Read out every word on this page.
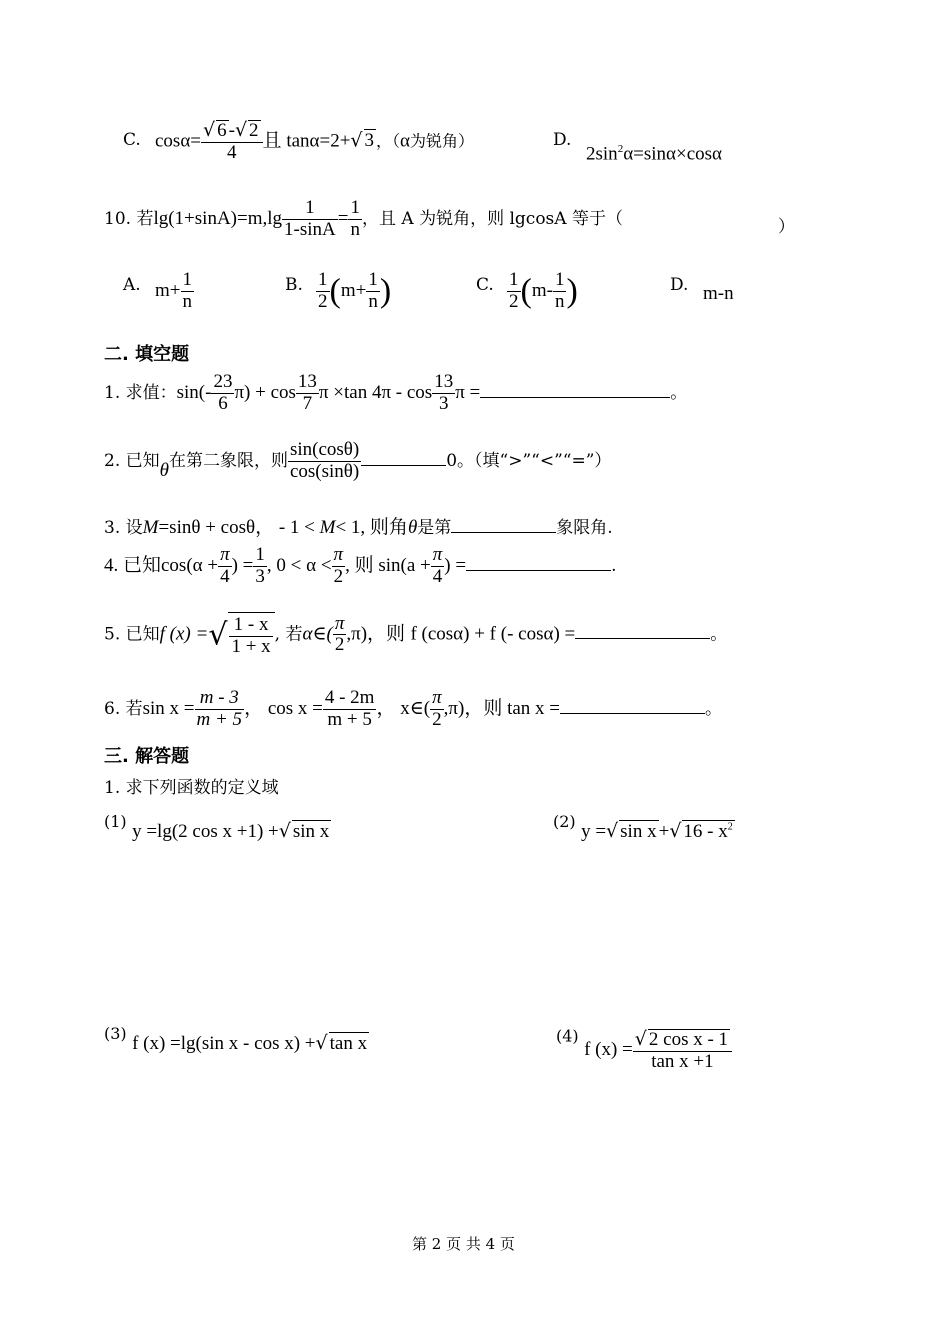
C. $\cos\alpha= \frac{√ 6 -√ 2}{4}$ 且 tanα=2+√ 3 ，（α为锐角）	D.
$2\sin^2\alpha=\sin\alpha\times\cos\alpha$
10. 若$\lg(1+\sin A)=m,\lg \frac{1}{1-\sin A} = \frac{1}{n}$ ，且 A 为锐角，则 lgcosA 等于（	）
A. $m+ \frac{1}{n}$	B. $\frac{1}{2} (m+ \frac{1}{n}$ )	C. $\frac{1}{2} (m- \frac{1}{n}$ )	D. m-n
二. 填空题
1. 求值：$\sin(- \frac{23}{6} \pi) + \cos \frac{13}{7}$ π ×tan $4\pi - \cos \frac{13}{3}$ π =	。
2. 已知θ在第二象限，则 $\frac{\sin(\cos\theta)}{\cos(\sin\theta)}$	0。（填“>”“<”“=”）
3. 设M=sinθ + cosθ， - 1 < M< 1, 则角θ是第	象限角.
4. 已知$\cos(\alpha + \frac{\pi}{4}$ ) = $\frac{1}{3}$ , $0 < \alpha < \frac{\pi}{2}$ , 则 $\sin(a + \frac{\pi}{4}$ ) =	.
5. 已知f (x) =√ $\frac{1 - x}{1 + x}$ , 若α∈( $\frac{\pi}{2} ,\pi$)，则 f (cosα) + f (- cosα) =	。
6. 若$\sin x = \frac{m - 3}{m + 5}$ ， $\cos x = \frac{4 - 2m}{m + 5}$ ， x∈( $\frac{\pi}{2} ,\pi$)，则 tan x =	。
三. 解答题
1. 求下列函数的定义域
(1) y =lg(2 cos x +1) +√ sin x	(2) y =√ sin x +√ $16 - x^2$
(3) f (x) =lg(sin x - cos x) +√ tan x	(4) f $(x) = \frac{\text{√ 2 cos x - 1}}{\text{tan x +1}}$
第 2 页 共 4 页
